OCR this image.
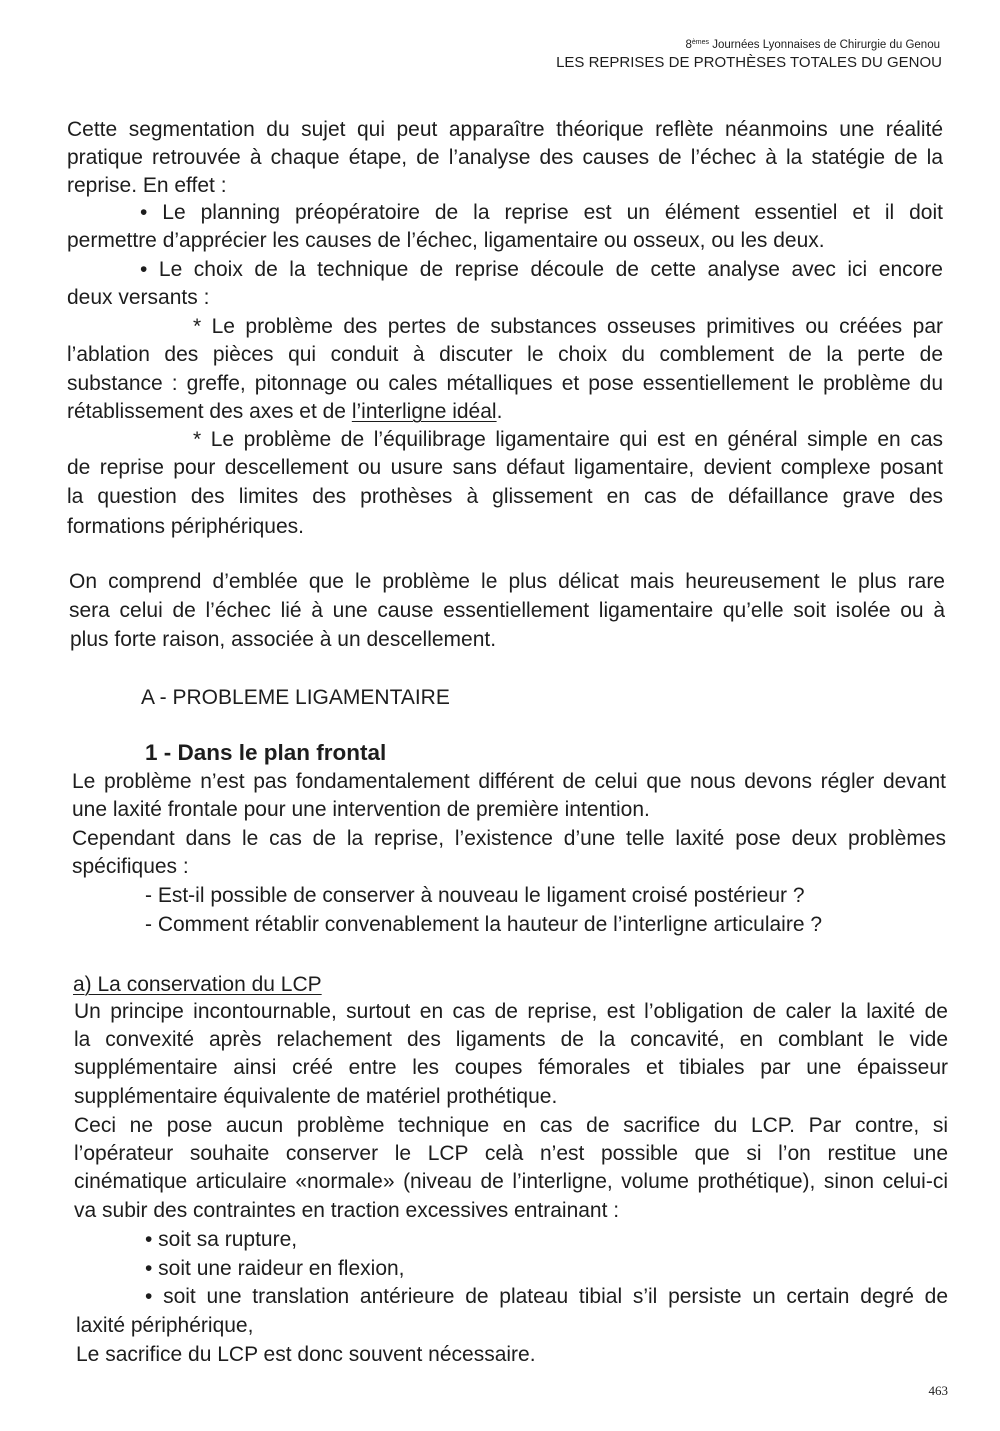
8èmes Journées Lyonnaises de Chirurgie du Genou
LES REPRISES DE PROTHÈSES TOTALES DU GENOU
Cette segmentation du sujet qui peut apparaître théorique reflète néanmoins une réalité
pratique retrouvée à chaque étape, de l’analyse des causes de l’échec à la statégie de la
reprise. En effet :
• Le planning préopératoire de la reprise est un élément essentiel et il doit
permettre d’apprécier les causes de l’échec, ligamentaire ou osseux, ou les deux.
• Le choix de la technique de reprise découle de cette analyse avec ici encore
deux versants :
* Le problème des pertes de substances osseuses primitives ou créées par
l’ablation des pièces qui conduit à discuter le choix du comblement de la perte de
substance : greffe, pitonnage ou cales métalliques et pose essentiellement le problème du
rétablissement des axes et de l’interligne idéal.
* Le problème de l’équilibrage ligamentaire qui est en général simple en cas
de reprise pour descellement ou usure sans défaut ligamentaire, devient complexe posant
la question des limites des prothèses à glissement en cas de défaillance grave des
formations périphériques.
On comprend d’emblée que le problème le plus délicat mais heureusement le plus rare
sera celui de l’échec lié à une cause essentiellement ligamentaire qu’elle soit isolée ou à
plus forte raison, associée à un descellement.
A - PROBLEME LIGAMENTAIRE
1 - Dans le plan frontal
Le problème n’est pas fondamentalement différent de celui que nous devons régler devant
une laxité frontale pour une intervention de première intention.
Cependant dans le cas de la reprise, l’existence d’une telle laxité pose deux problèmes
spécifiques :
- Est-il possible de conserver à nouveau le ligament croisé postérieur ?
- Comment rétablir convenablement la hauteur de l’interligne articulaire ?
a) La conservation du LCP
Un principe incontournable, surtout en cas de reprise, est l’obligation de caler la laxité de
la convexité après relachement des ligaments de la concavité, en comblant le vide
supplémentaire ainsi créé entre les coupes fémorales et tibiales par une épaisseur
supplémentaire équivalente de matériel prothétique.
Ceci ne pose aucun problème technique en cas de sacrifice du LCP. Par contre, si
l’opérateur souhaite conserver le LCP celà n’est possible que si l’on restitue une
cinématique articulaire «normale» (niveau de l’interligne, volume prothétique), sinon celui-ci
va subir des contraintes en traction excessives entrainant :
• soit sa rupture,
• soit une raideur en flexion,
• soit une translation antérieure de plateau tibial s’il persiste un certain degré de
laxité périphérique,
Le sacrifice du LCP est donc souvent nécessaire.
463
